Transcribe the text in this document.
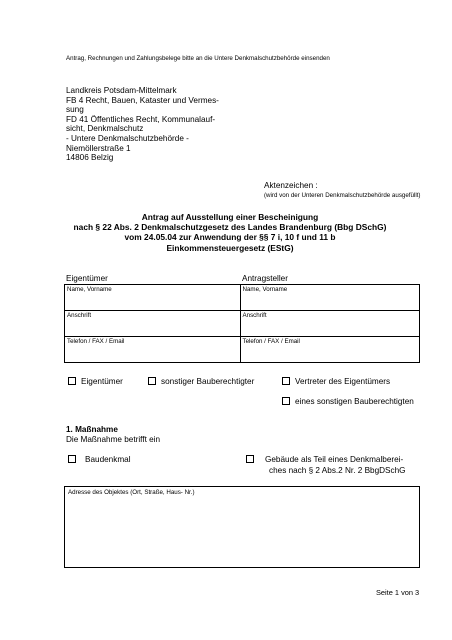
Antrag, Rechnungen und Zahlungsbelege bitte an die Untere Denkmalschutzbehörde einsenden
Landkreis Potsdam-Mittelmark
FB 4 Recht, Bauen, Kataster und Vermes-
sung
FD 41 Öffentliches Recht, Kommunalauf-
sicht, Denkmalschutz
- Untere Denkmalschutzbehörde -
Niemöllerstraße 1
14806 Belzig
Aktenzeichen :
(wird von der Unteren Denkmalschutzbehörde ausgefüllt)
Antrag auf Ausstellung einer Bescheinigung
nach § 22 Abs. 2 Denkmalschutzgesetz des Landes Brandenburg (Bbg DSchG)
vom 24.05.04 zur Anwendung der §§ 7 i, 10 f und 11 b
Einkommensteuergesetz (EStG)
Eigentümer	Antragsteller
Name, Vorname	Name, Vorname
Anschrift	Anschrift
Telefon / FAX / Email	Telefon / FAX / Email
Eigentümer	sonstiger Bauberechtigter	Vertreter des Eigentümers
eines sonstigen Bauberechtigten
1. Maßnahme
Die Maßnahme betrifft ein
Baudenkmal	Gebäude als Teil eines Denkmalberei-
ches nach § 2 Abs.2 Nr. 2 BbgDSchG
Adresse des Objektes (Ort, Straße, Haus- Nr.)
Seite 1 von 3
